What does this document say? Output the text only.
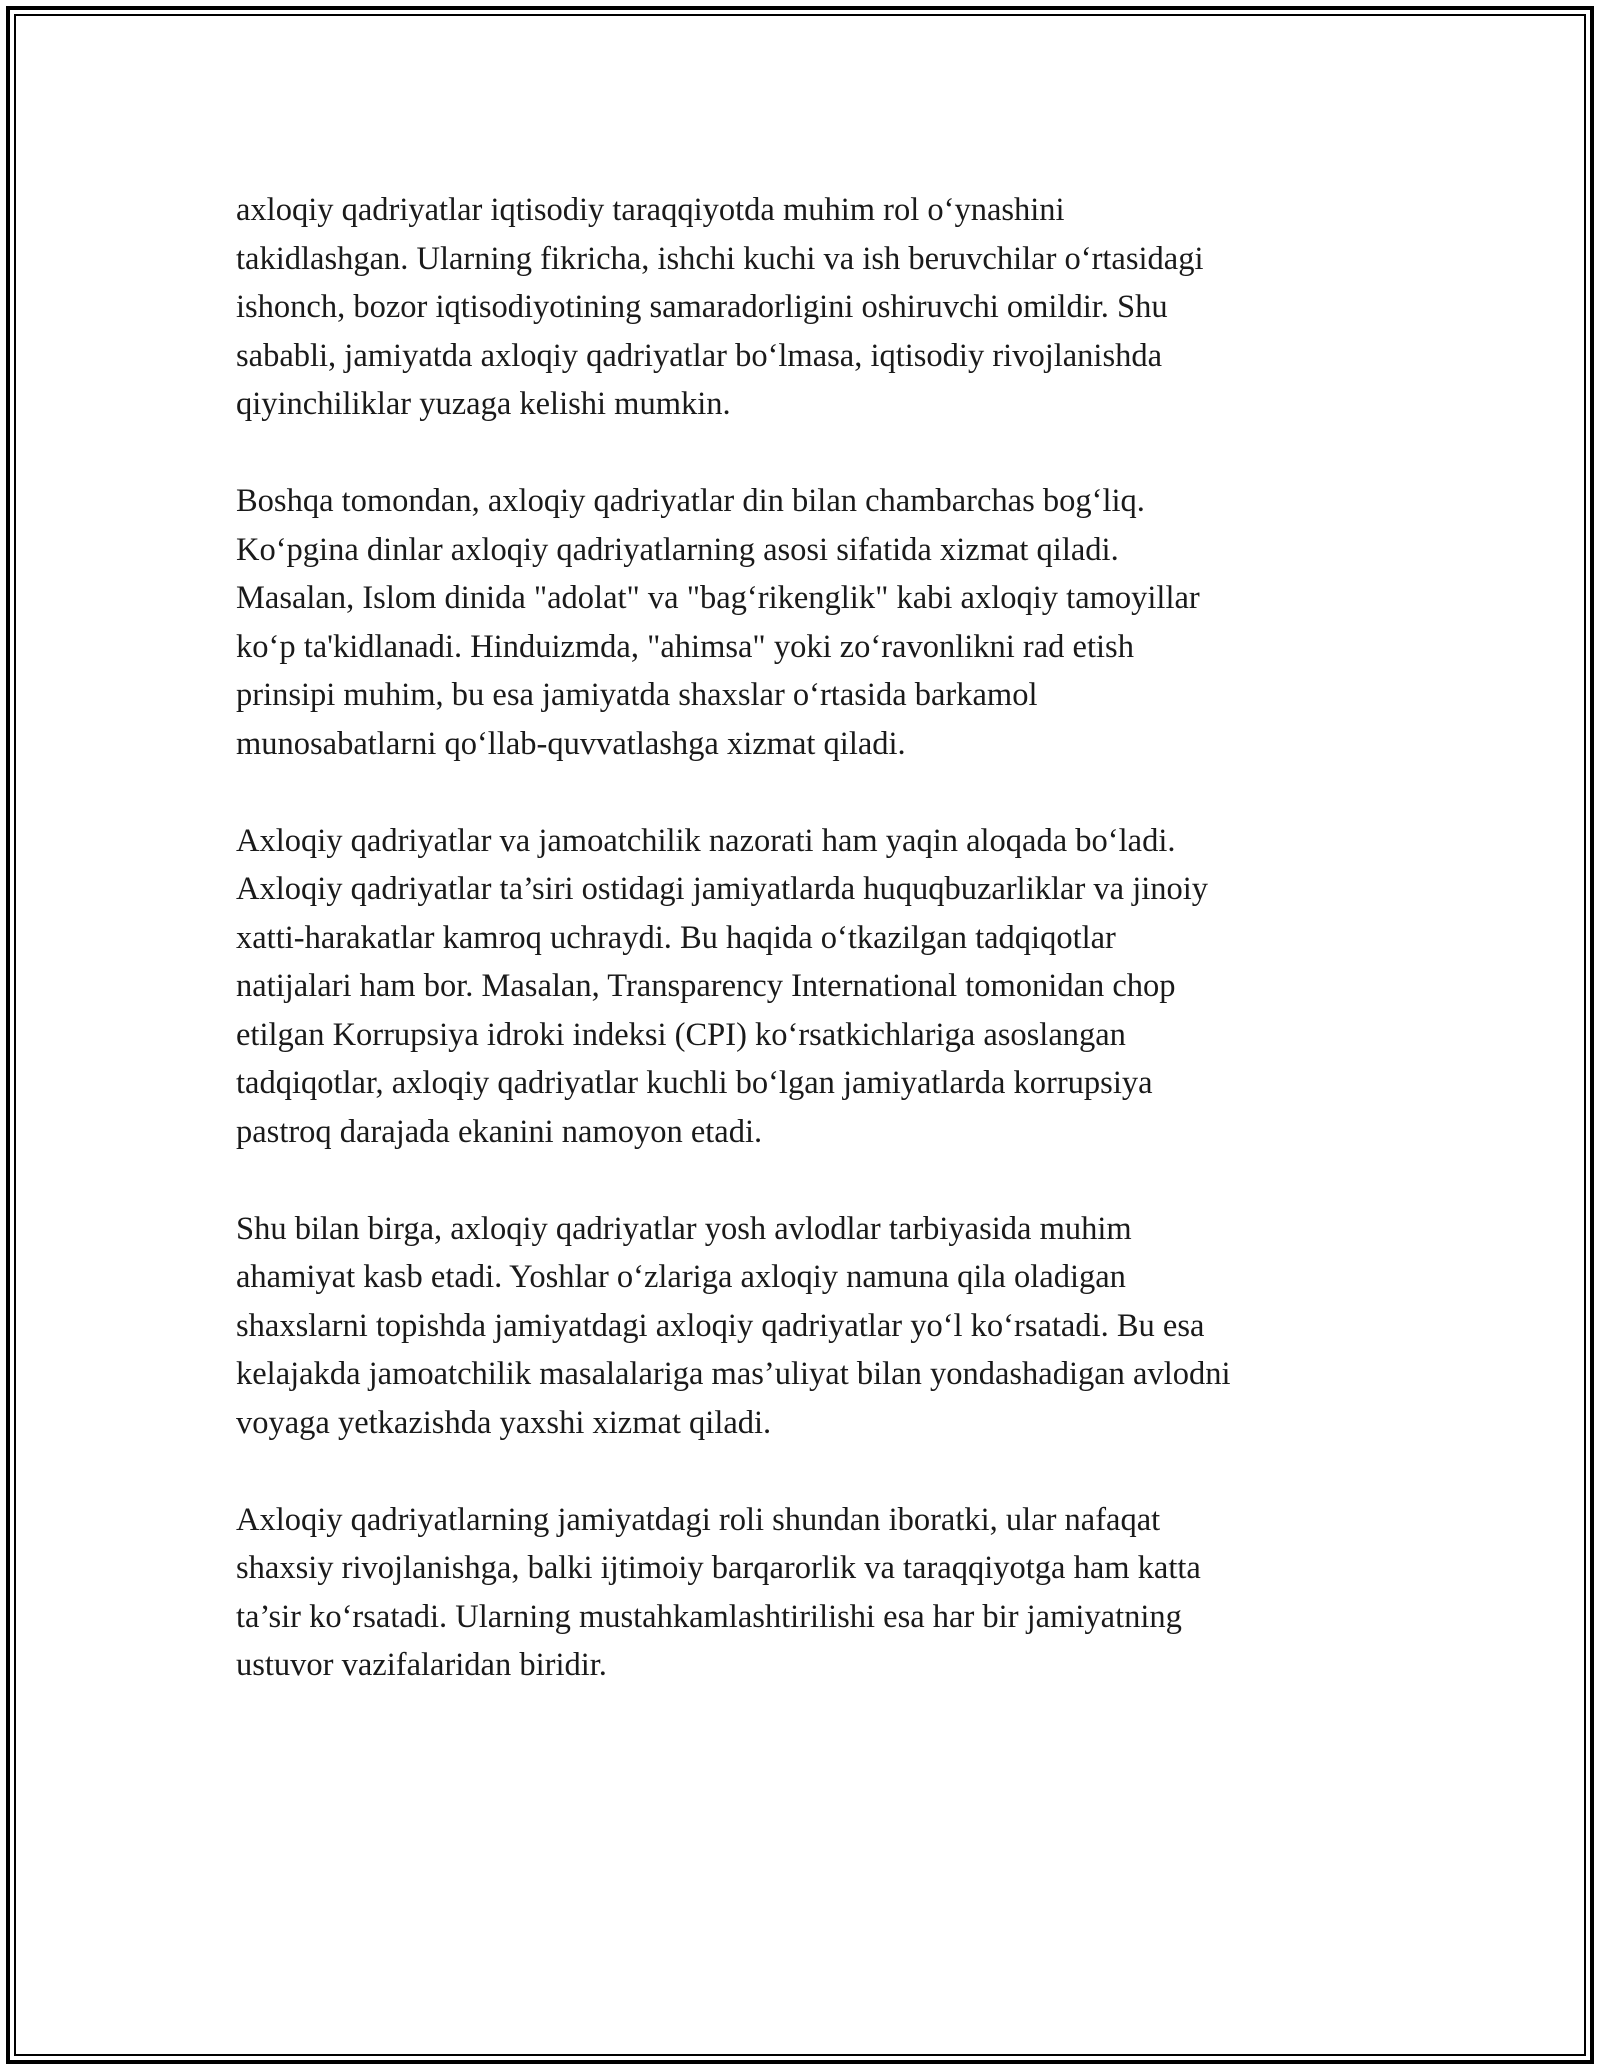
axloqiy qadriyatlar iqtisodiy taraqqiyotda muhim rol o‘ynashini
takidlashgan. Ularning fikricha, ishchi kuchi va ish beruvchilar o‘rtasidagi
ishonch, bozor iqtisodiyotining samaradorligini oshiruvchi omildir. Shu
sababli, jamiyatda axloqiy qadriyatlar bo‘lmasa, iqtisodiy rivojlanishda
qiyinchiliklar yuzaga kelishi mumkin.

Boshqa tomondan, axloqiy qadriyatlar din bilan chambarchas bog‘liq.
Ko‘pgina dinlar axloqiy qadriyatlarning asosi sifatida xizmat qiladi.
Masalan, Islom dinida "adolat" va "bag‘rikenglik" kabi axloqiy tamoyillar
ko‘p ta'kidlanadi. Hinduizmda, "ahimsa" yoki zo‘ravonlikni rad etish
prinsipi muhim, bu esa jamiyatda shaxslar o‘rtasida barkamol
munosabatlarni qo‘llab-quvvatlashga xizmat qiladi.

Axloqiy qadriyatlar va jamoatchilik nazorati ham yaqin aloqada bo‘ladi.
Axloqiy qadriyatlar ta’siri ostidagi jamiyatlarda huquqbuzarliklar va jinoiy
xatti-harakatlar kamroq uchraydi. Bu haqida o‘tkazilgan tadqiqotlar
natijalari ham bor. Masalan, Transparency International tomonidan chop
etilgan Korrupsiya idroki indeksi (CPI) ko‘rsatkichlariga asoslangan
tadqiqotlar, axloqiy qadriyatlar kuchli bo‘lgan jamiyatlarda korrupsiya
pastroq darajada ekanini namoyon etadi.

Shu bilan birga, axloqiy qadriyatlar yosh avlodlar tarbiyasida muhim
ahamiyat kasb etadi. Yoshlar o‘zlariga axloqiy namuna qila oladigan
shaxslarni topishda jamiyatdagi axloqiy qadriyatlar yo‘l ko‘rsatadi. Bu esa
kelajakda jamoatchilik masalalariga mas’uliyat bilan yondashadigan avlodni
voyaga yetkazishda yaxshi xizmat qiladi.

Axloqiy qadriyatlarning jamiyatdagi roli shundan iboratki, ular nafaqat
shaxsiy rivojlanishga, balki ijtimoiy barqarorlik va taraqqiyotga ham katta
ta’sir ko‘rsatadi. Ularning mustahkamlashtirilishi esa har bir jamiyatning
ustuvor vazifalaridan biridir.
